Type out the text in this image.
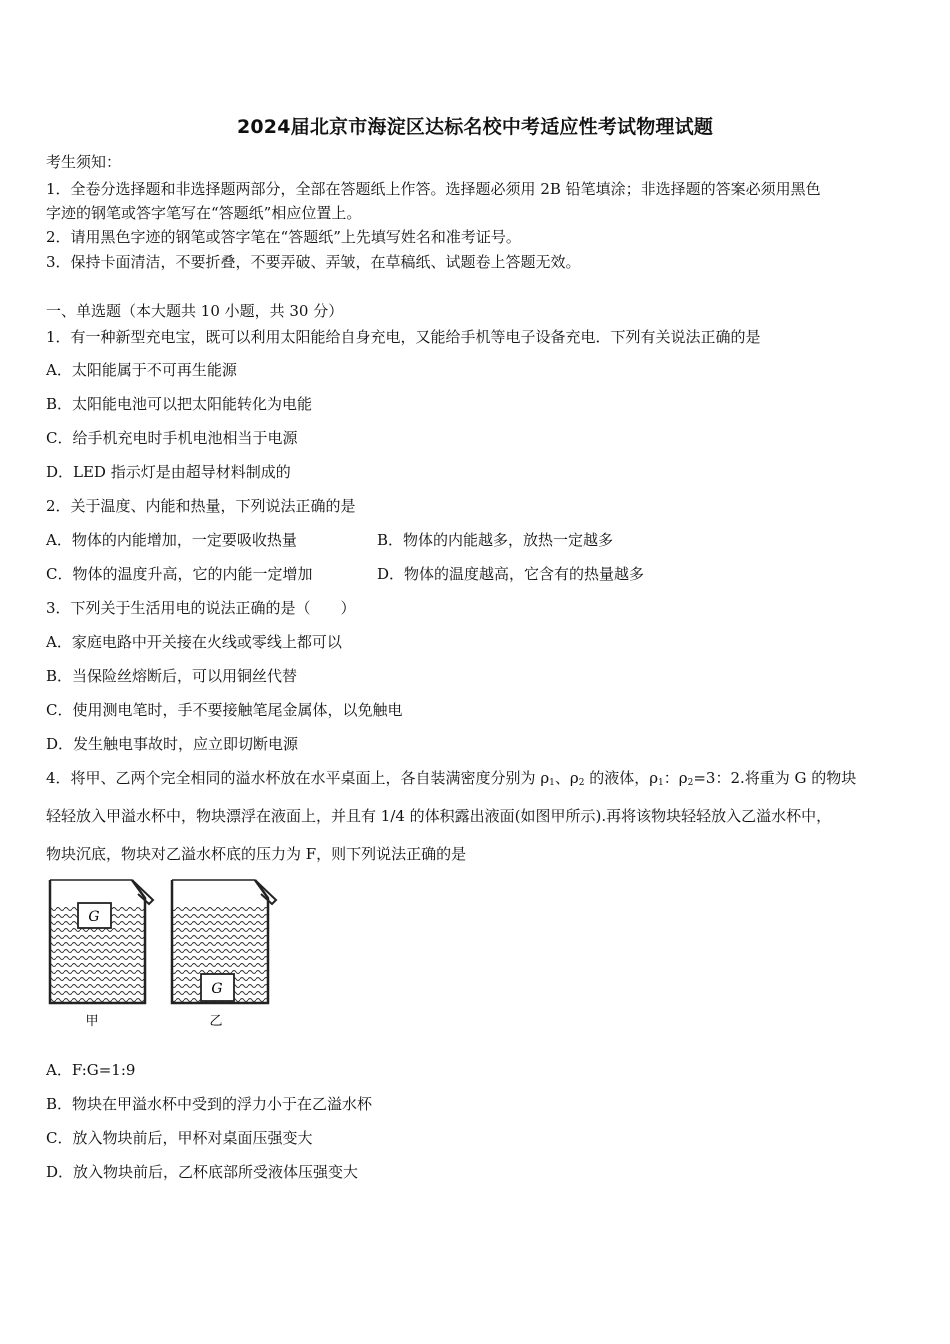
2024届北京市海淀区达标名校中考适应性考试物理试题
考生须知：
1．全卷分选择题和非选择题两部分，全部在答题纸上作答。选择题必须用 2B 铅笔填涂；非选择题的答案必须用黑色
字迹的钢笔或答字笔写在“答题纸”相应位置上。
2．请用黑色字迹的钢笔或答字笔在“答题纸”上先填写姓名和准考证号。
3．保持卡面清洁，不要折叠，不要弄破、弄皱，在草稿纸、试题卷上答题无效。
一、单选题（本大题共 10 小题，共 30 分）
1．有一种新型充电宝，既可以利用太阳能给自身充电，又能给手机等电子设备充电．下列有关说法正确的是
A．太阳能属于不可再生能源
B．太阳能电池可以把太阳能转化为电能
C．给手机充电时手机电池相当于电源
D．LED 指示灯是由超导材料制成的
2．关于温度、内能和热量，下列说法正确的是
A．物体的内能增加，一定要吸收热量	B．物体的内能越多，放热一定越多
C．物体的温度升高，它的内能一定增加	D．物体的温度越高，它含有的热量越多
3．下列关于生活用电的说法正确的是（　　）
A．家庭电路中开关接在火线或零线上都可以
B．当保险丝熔断后，可以用铜丝代替
C．使用测电笔时，手不要接触笔尾金属体，以免触电
D．发生触电事故时，应立即切断电源
4．将甲、乙两个完全相同的溢水杯放在水平桌面上，各自装满密度分别为 $\rho_1$、$\rho_2$ 的液体，$\rho_1$：$\rho_2=3$：2.将重为 G 的物块
轻轻放入甲溢水杯中，物块漂浮在液面上，并且有 1/4 的体积露出液面(如图甲所示).再将该物块轻轻放入乙溢水杯中，
物块沉底，物块对乙溢水杯底的压力为 F，则下列说法正确的是
G
G
甲	乙
A．F:G=1:9
B．物块在甲溢水杯中受到的浮力小于在乙溢水杯
C．放入物块前后，甲杯对桌面压强变大
D．放入物块前后，乙杯底部所受液体压强变大
